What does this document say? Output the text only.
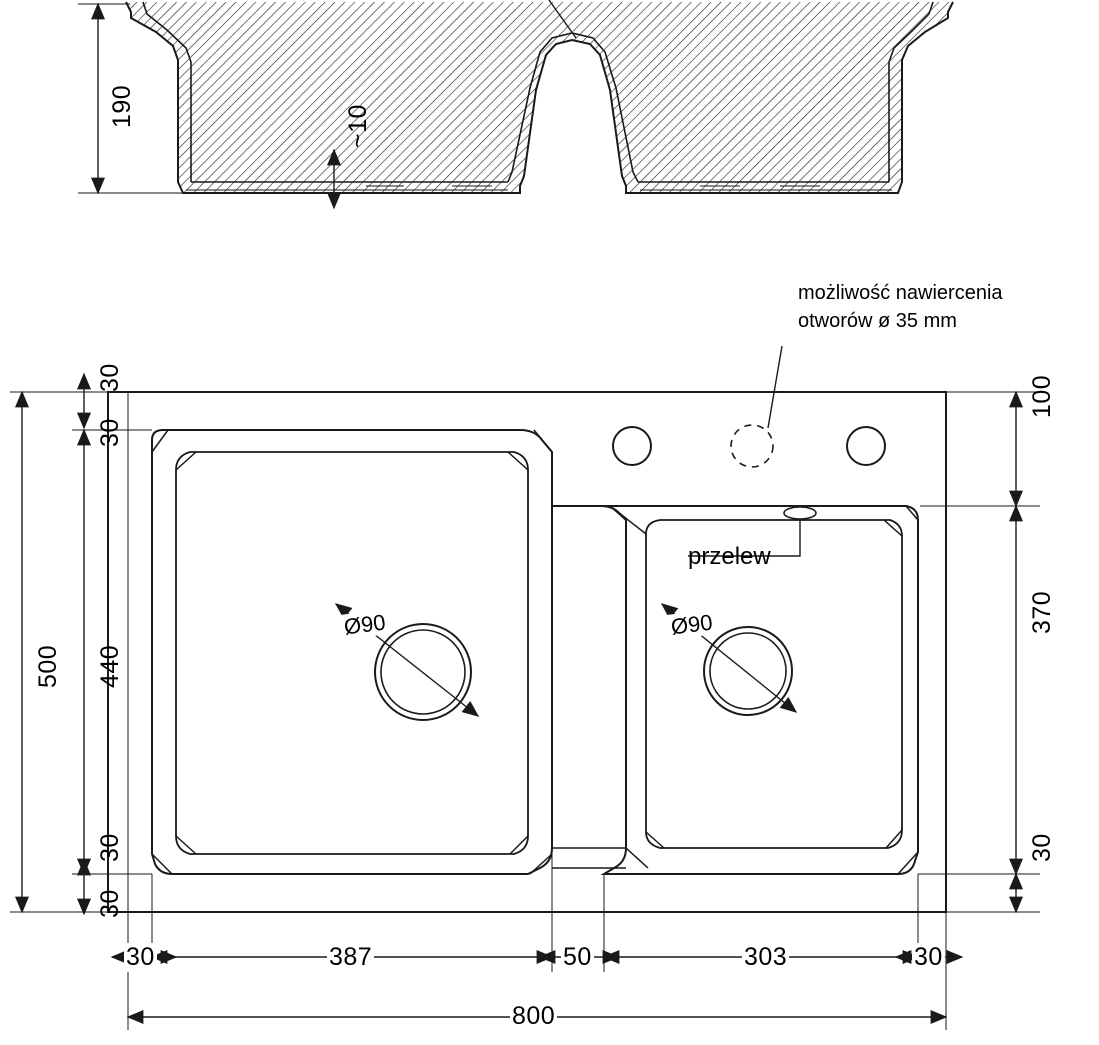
190	~10
możliwość nawiercenia
otworów ø 35 mm
przelew
Ø90	Ø90
500 440
30
30
30
30
100
370
30
30	387	50	303	30
800
